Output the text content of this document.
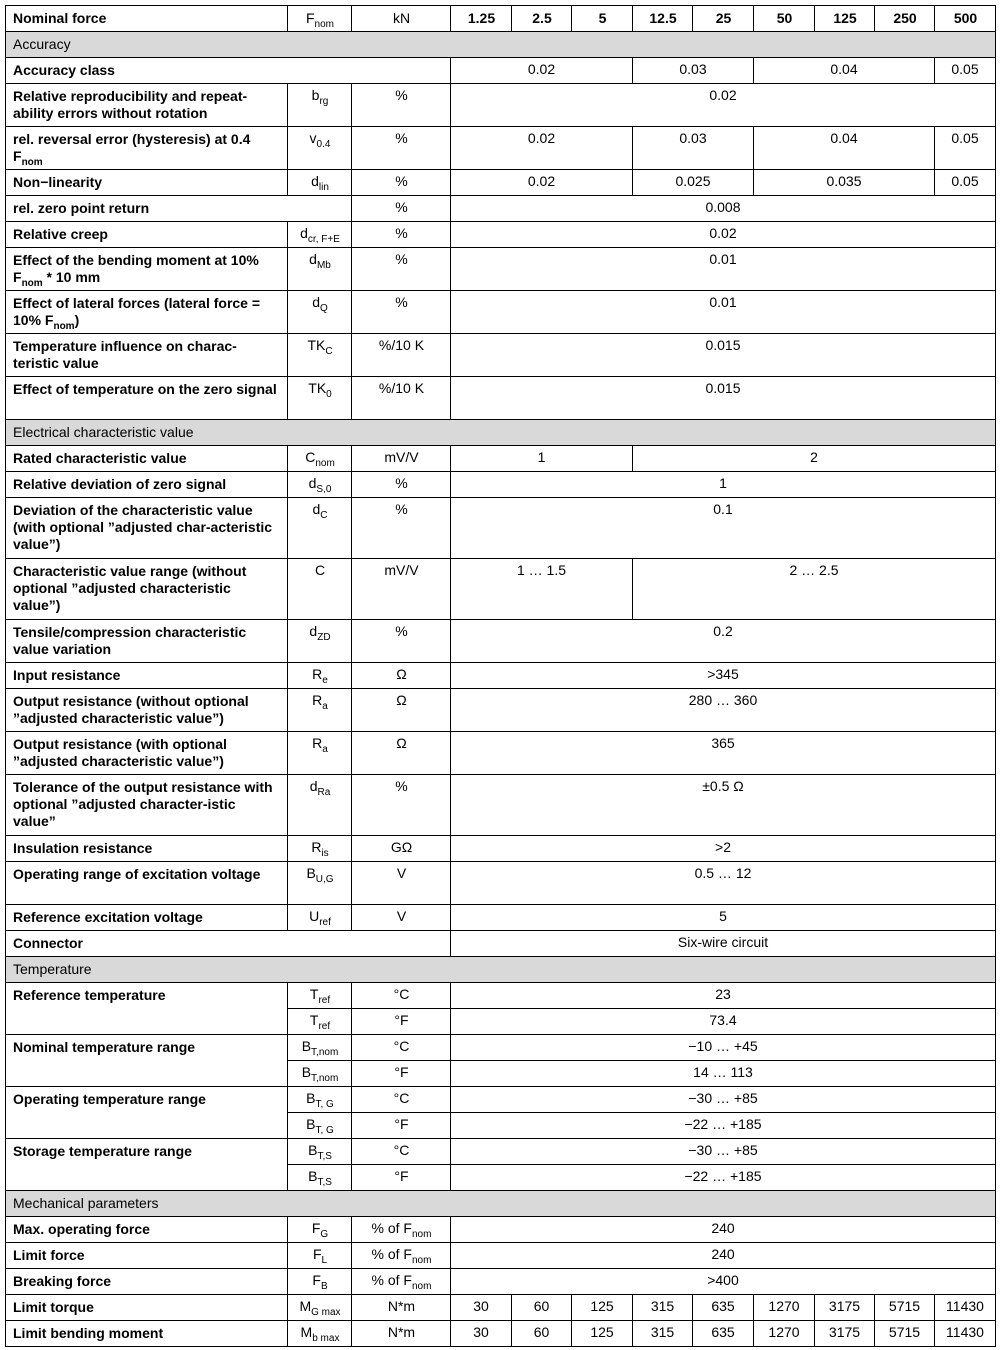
Nominal force	$F_{nom}$	kN	1.25	2.5	5	12.5	25	50	125	250	500
Accuracy											
Accuracy class			0.02			0.03		0.04			0.05
Relative reproducibility and repeat-ability errors without rotation	$b_{rg}$	%	0.02								
rel. reversal error (hysteresis) at 0.4 $F_{nom}$	$v_{0.4}$	%	0.02			0.03		0.04			0.05
Non−linearity	$d_{lin}$	%	0.02			0.025		0.035			0.05
rel. zero point return		%	0.008								
Relative creep	$d_{cr, F+E}$	%	0.02								
Effect of the bending moment at 10% $F_{nom} * 10$ mm	$d_{Mb}$	%	0.01								
Effect of lateral forces (lateral force = 10% $F_{nom}$)	$d_Q$	%	0.01								
Temperature influence on charac-teristic value	$TK_C$	%/10 K	0.015								
Effect of temperature on the zero signal	$TK_0$	%/10 K	0.015								
Electrical characteristic value											
Rated characteristic value	$C_{nom}$	mV/V	1			2					
Relative deviation of zero signal	$d_{S,0}$	%	1								
Deviation of the characteristic value (with optional ”adjusted char-acteristic value”)	$d_C$	%	0.1								
Characteristic value range (without optional ”adjusted characteristic value”)	C	mV/V	1 … 1.5			2 … 2.5					
Tensile/compression characteristic value variation	$d_{ZD}$	%	0.2								
Input resistance	$R_e$	Ω	>345								
Output resistance (without optional ”adjusted characteristic value”)	$R_a$	Ω	280 … 360								
Output resistance (with optional ”adjusted characteristic value”)	$R_a$	Ω	365								
Tolerance of the output resistance with optional ”adjusted character-istic value”	$d_{Ra}$	%	±0.5 Ω								
Insulation resistance	$R_{is}$	GΩ	>2								
Operating range of excitation voltage	$B_{U,G}$	V	0.5 … 12								
Reference excitation voltage	$U_{ref}$	V	5								
Connector			Six-wire circuit								
Temperature											
Reference temperature	$T_{ref}$	°C	23								
	$T_{ref}$	°F	73.4								
Nominal temperature range	$B_{T,nom}$	°C	−10 … +45								
	$B_{T,nom}$	°F	14 … 113								
Operating temperature range	$B_{T, G}$	°C	−30 … +85								
	$B_{T, G}$	°F	−22 … +185								
Storage temperature range	$B_{T,S}$	°C	−30 … +85								
	$B_{T,S}$	°F	−22 … +185								
Mechanical parameters											
Max. operating force	$F_G$	% of $F_{nom}$	240								
Limit force	$F_L$	% of $F_{nom}$	240								
Breaking force	$F_B$	% of $F_{nom}$	>400								
Limit torque	$M_{G max}$	N*m	30	60	125	315	635	1270	3175	5715	11430
Limit bending moment	$M_{b max}$	N*m	30	60	125	315	635	1270	3175	5715	11430
